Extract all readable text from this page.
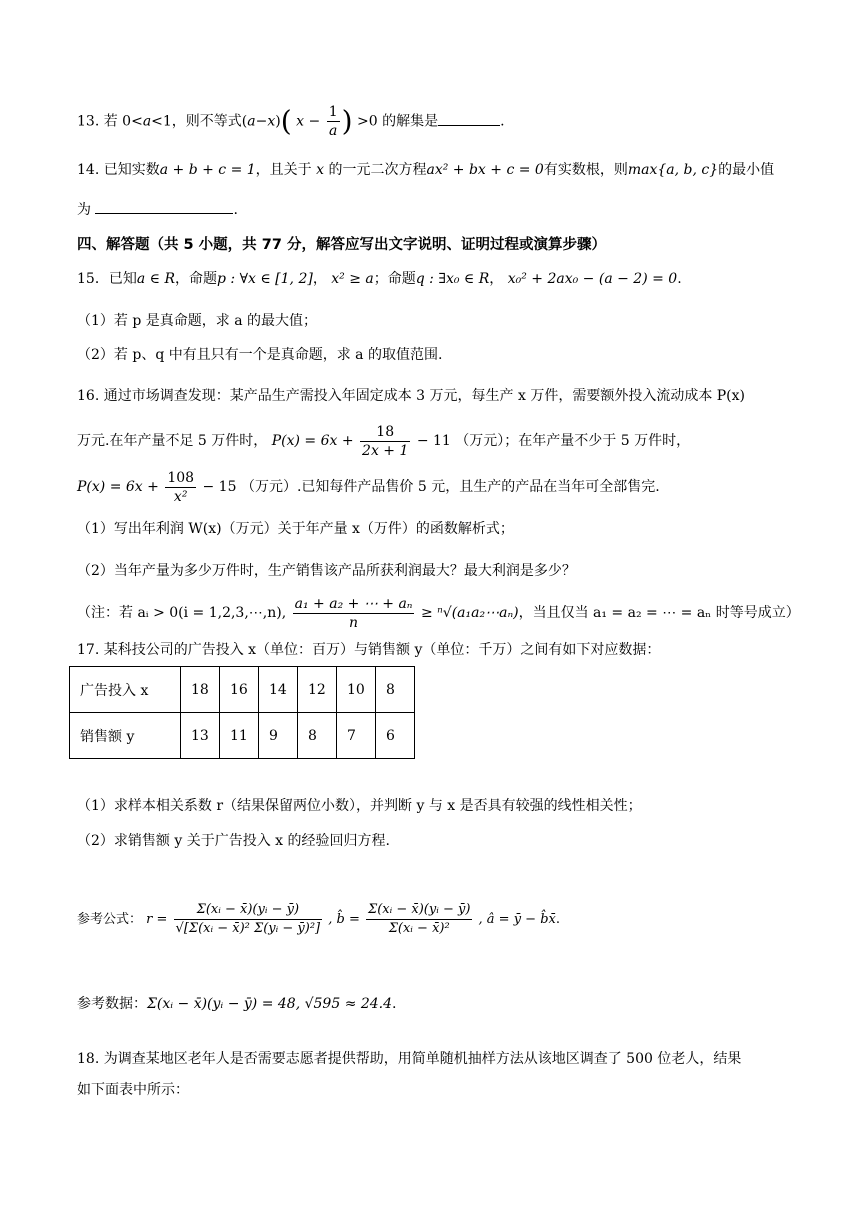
13. 若 0<a<1，则不等式(a−x)( $x - \frac{1}{a}$ ) >0 的解集是	.
14. 已知实数a + b + c = 1，且关于 x 的一元二次方程ax² + bx + c = 0有实数根，则max{a, b, c}的最小值
为	.
四、解答题（共 5 小题，共 77 分，解答应写出文字说明、证明过程或演算步骤）
15．已知a ∈ R，命题p : ∀x ∈ [1, 2]， x² ≥ a；命题q : ∃x₀ ∈ R， x₀² + 2ax₀ − (a − 2) = 0.
（1）若 p 是真命题，求 a 的最大值；
（2）若 p、q 中有且只有一个是真命题，求 a 的取值范围.
16. 通过市场调查发现：某产品生产需投入年固定成本 3 万元，每生产 x 万件，需要额外投入流动成本 P(x)
万元.在年产量不足 5 万件时， $P(x) = 6x + \frac{18}{2x + 1} - 11$ （万元）；在年产量不少于 5 万件时，
$P(x) = 6x + \frac{108}{\text{x²}} - 15$ （万元）.已知每件产品售价 5 元，且生产的产品在当年可全部售完.
（1）写出年利润 W(x)（万元）关于年产量 x（万件）的函数解析式；
（2）当年产量为多少万件时，生产销售该产品所获利润最大？最大利润是多少？
（注：若 aᵢ > 0(i = 1,2,3,⋯,n), $\frac{\text{a₁ + a₂ + ⋯ + aₙ}}{n}$ ≥ ⁿ√(a₁a₂⋯aₙ)，当且仅当 a₁ = a₂ = ⋯ = aₙ 时等号成立）
17. 某科技公司的广告投入 x（单位：百万）与销售额 y（单位：千万）之间有如下对应数据：
广告投入 x	18	16	14	12	10	8
销售额 y	13	11	9	8	7	6
（1）求样本相关系数 r（结果保留两位小数），并判断 y 与 x 是否具有较强的线性相关性；
（2）求销售额 y 关于广告投入 x 的经验回归方程.
参考公式： $r = \frac{\text{Σ(xᵢ − x̄)(yᵢ − ȳ)}}{\text{√[Σ(xᵢ − x̄)² Σ(yᵢ − ȳ)²]}}$ , b̂ = $\frac{\text{Σ(xᵢ − x̄)(yᵢ − ȳ)}}{\text{Σ(xᵢ − x̄)²}}$ , â = ȳ − b̂x̄.
参考数据：Σ(xᵢ − x̄)(yᵢ − ȳ) = 48, √595 ≈ 24.4.
18. 为调查某地区老年人是否需要志愿者提供帮助，用简单随机抽样方法从该地区调查了 500 位老人，结果
如下面表中所示：
